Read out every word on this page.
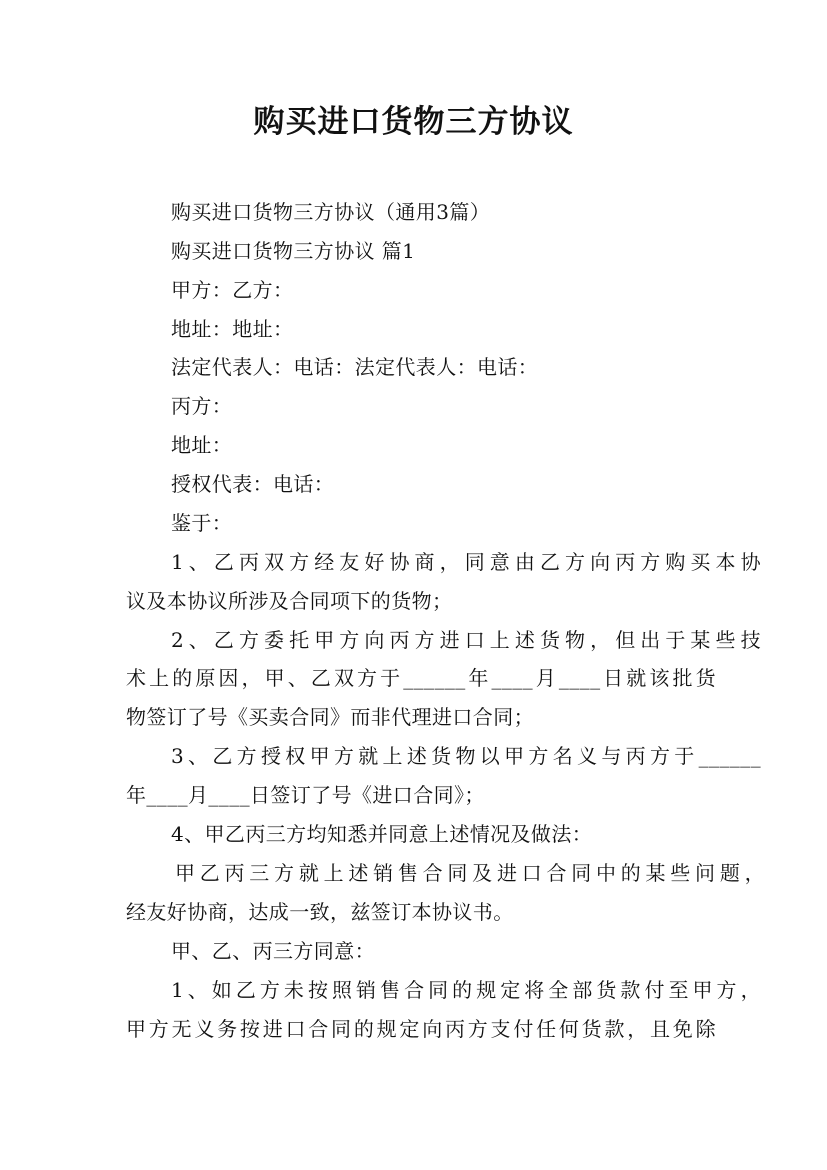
购买进口货物三方协议
购买进口货物三方协议（通用3篇）
购买进口货物三方协议 篇1
甲方：乙方：
地址：地址：
法定代表人：电话：法定代表人：电话：
丙方：
地址：
授权代表：电话：
鉴于：
1、乙丙双方经友好协商，同意由乙方向丙方购买本协
议及本协议所涉及合同项下的货物；
2、乙方委托甲方向丙方进口上述货物，但出于某些技
术上的原因，甲、乙双方于______年____月____日就该批货
物签订了号《买卖合同》而非代理进口合同；
3、乙方授权甲方就上述货物以甲方名义与丙方于______
年____月____日签订了号《进口合同》；
4、甲乙丙三方均知悉并同意上述情况及做法：
甲乙丙三方就上述销售合同及进口合同中的某些问题，
经友好协商，达成一致，兹签订本协议书。
甲、乙、丙三方同意：
1、如乙方未按照销售合同的规定将全部货款付至甲方，
甲方无义务按进口合同的规定向丙方支付任何货款，且免除
